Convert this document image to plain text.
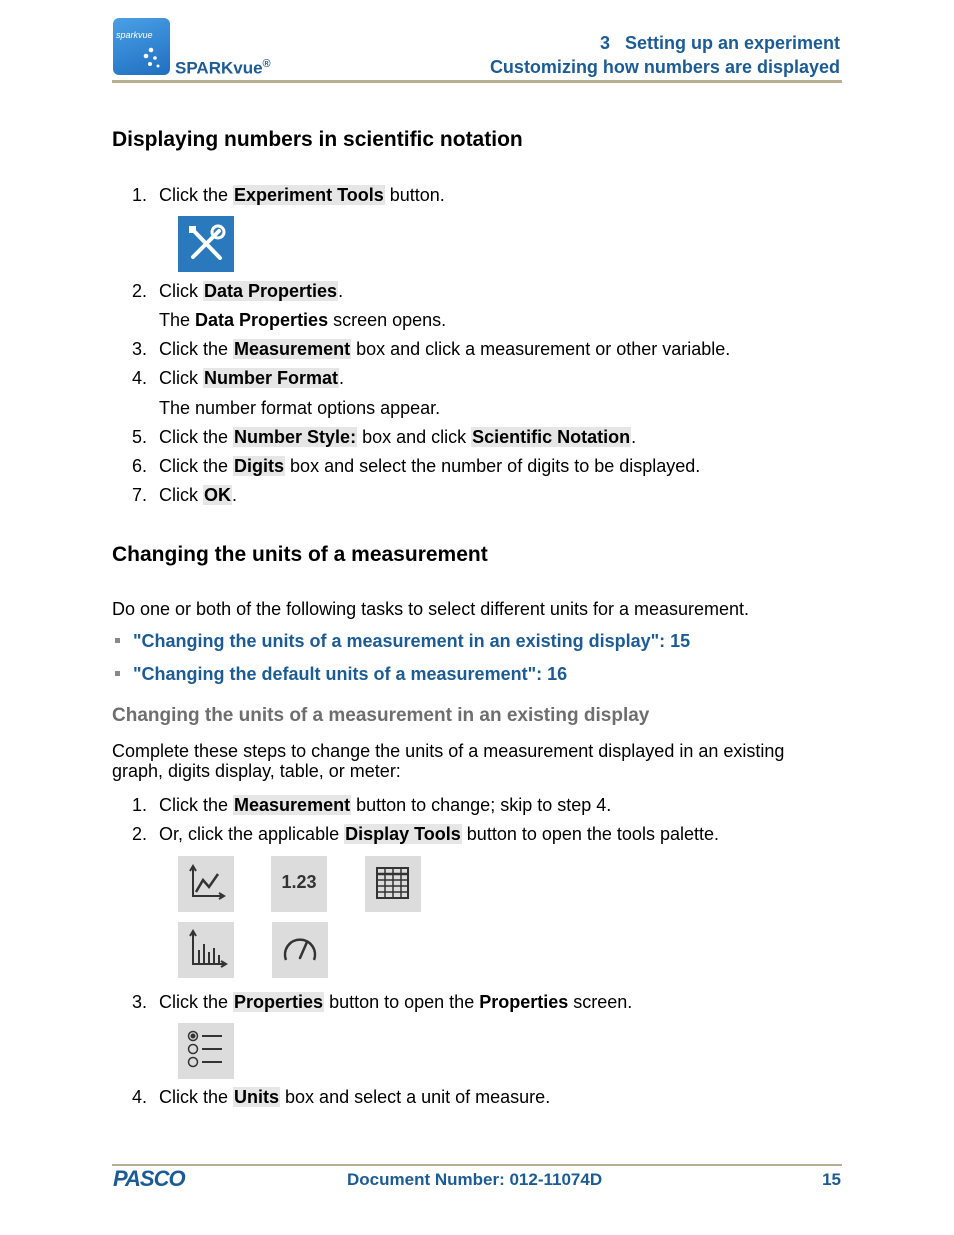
sparkvue
SPARKvue®
3   Setting up an experiment
Customizing how numbers are displayed
Displaying numbers in scientific notation
1. Click the Experiment Tools button.
2. Click Data Properties.
The Data Properties screen opens.
3. Click the Measurement box and click a measurement or other variable.
4. Click Number Format.
The number format options appear.
5. Click the Number Style: box and click Scientific Notation.
6. Click the Digits box and select the number of digits to be displayed.
7. Click OK.
Changing the units of a measurement
Do one or both of the following tasks to select different units for a measurement.
"Changing the units of a measurement in an existing display": 15
"Changing the default units of a measurement": 16
Changing the units of a measurement in an existing display
Complete these steps to change the units of a measurement displayed in an existing
graph, digits display, table, or meter:
1. Click the Measurement button to change; skip to step 4.
2. Or, click the applicable Display Tools button to open the tools palette.
1.23
3. Click the Properties button to open the Properties screen.
4. Click the Units box and select a unit of measure.
PASCO	Document Number: 012-11074D	15
